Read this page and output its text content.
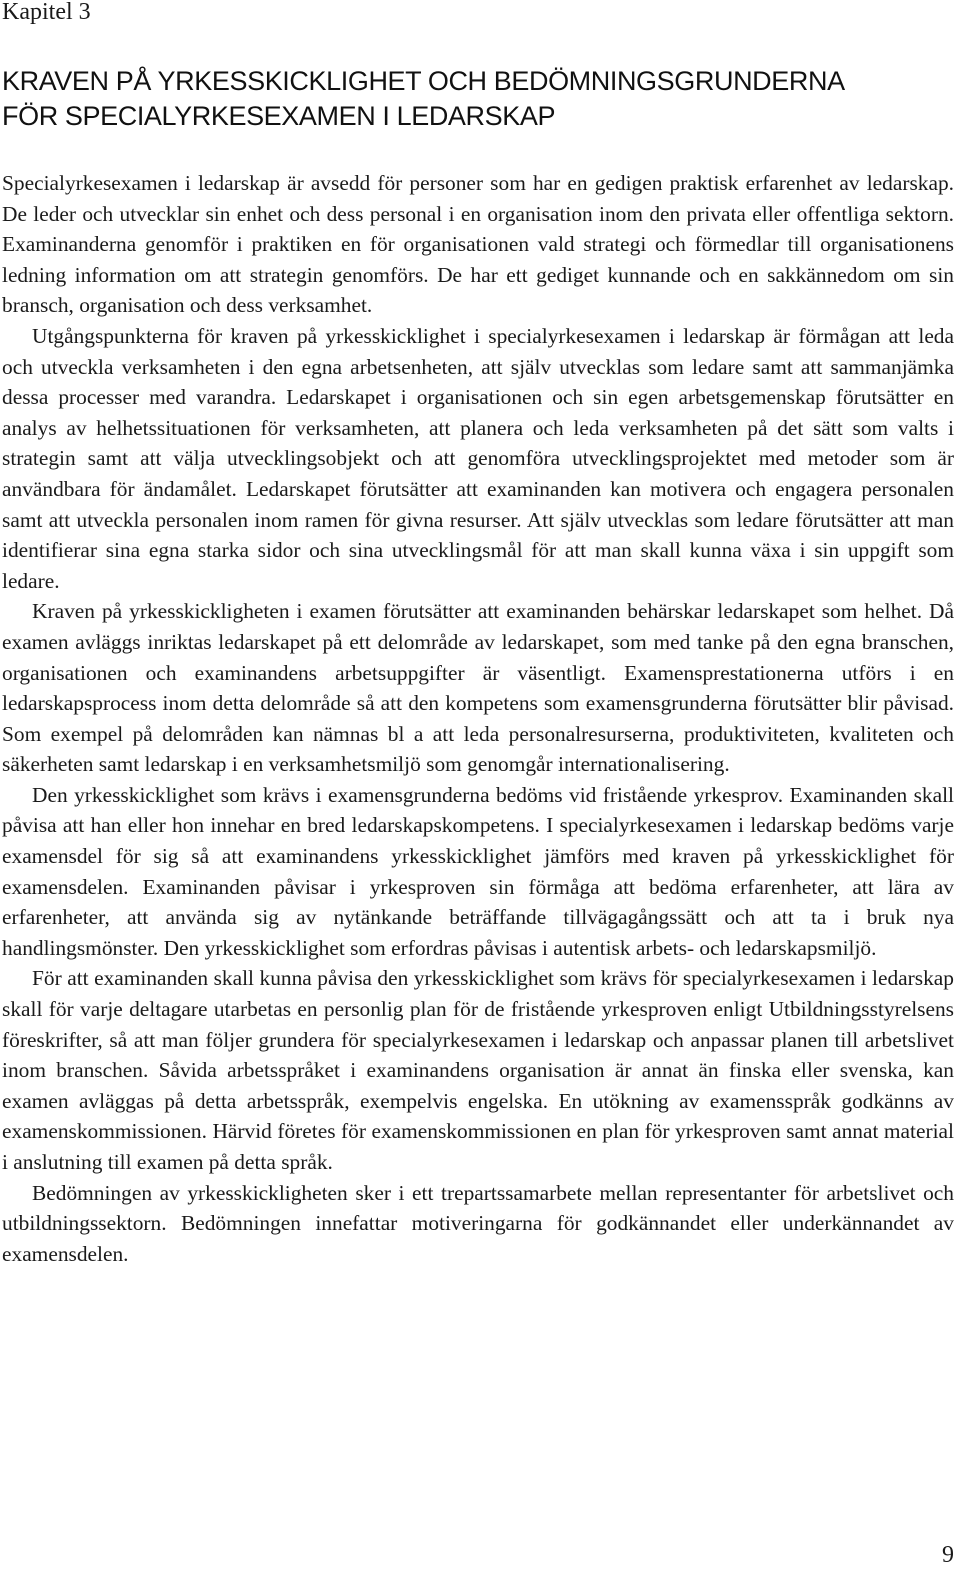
Kapitel 3

KRAVEN PÅ YRKESSKICKLIGHET OCH BEDÖMNINGSGRUNDERNA
FÖR SPECIALYRKESEXAMEN I LEDARSKAP

Specialyrkesexamen i ledarskap är avsedd för personer som har en gedigen praktisk erfarenhet av ledarskap. De leder och utvecklar sin enhet och dess personal i en organisation inom den privata eller offentliga sektorn. Examinanderna genomför i praktiken en för organisationen vald strategi och förmedlar till organisationens ledning information om att strategin genomförs. De har ett gediget kunnande och en sakkännedom om sin bransch, organisation och dess verksamhet.

Utgångspunkterna för kraven på yrkesskicklighet i specialyrkesexamen i ledarskap är förmågan att leda och utveckla verksamheten i den egna arbetsenheten, att själv utvecklas som ledare samt att sammanjämka dessa processer med varandra. Ledarskapet i organisationen och sin egen arbetsgemenskap förutsätter en analys av helhetssituationen för verksamheten, att planera och leda verksamheten på det sätt som valts i strategin samt att välja utvecklingsobjekt och att genomföra utvecklingsprojektet med metoder som är användbara för ändamålet. Ledarskapet förutsätter att examinanden kan motivera och engagera personalen samt att utveckla personalen inom ramen för givna resurser. Att själv utvecklas som ledare förutsätter att man identifierar sina egna starka sidor och sina utvecklingsmål för att man skall kunna växa i sin uppgift som ledare.

Kraven på yrkesskickligheten i examen förutsätter att examinanden behärskar ledarskapet som helhet. Då examen avläggs inriktas ledarskapet på ett delområde av ledarskapet, som med tanke på den egna branschen, organisationen och examinandens arbetsuppgifter är väsentligt. Examensprestationerna utförs i en ledarskapsprocess inom detta delområde så att den kompetens som examensgrunderna förutsätter blir påvisad. Som exempel på delområden kan nämnas bl a att leda personalresurserna, produktiviteten, kvaliteten och säkerheten samt ledarskap i en verksamhetsmiljö som genomgår internationalisering.

Den yrkesskicklighet som krävs i examensgrunderna bedöms vid fristående yrkesprov. Examinanden skall påvisa att han eller hon innehar en bred ledarskapskompetens. I specialyrkesexamen i ledarskap bedöms varje examensdel för sig så att examinandens yrkesskicklighet jämförs med kraven på yrkesskicklighet för examensdelen. Examinanden påvisar i yrkesproven sin förmåga att bedöma erfarenheter, att lära av erfarenheter, att använda sig av nytänkande beträffande tillvägagångssätt och att ta i bruk nya handlingsmönster. Den yrkesskicklighet som erfordras påvisas i autentisk arbets- och ledarskapsmiljö.

För att examinanden skall kunna påvisa den yrkesskicklighet som krävs för specialyrkesexamen i ledarskap skall för varje deltagare utarbetas en personlig plan för de fristående yrkesproven enligt Utbildningsstyrelsens föreskrifter, så att man följer grundera för specialyrkesexamen i ledarskap och anpassar planen till arbetslivet inom branschen. Såvida arbetsspråket i examinandens organisation är annat än finska eller svenska, kan examen avläggas på detta arbetsspråk, exempelvis engelska. En utökning av examensspråk godkänns av examenskommissionen. Härvid företes för examenskommissionen en plan för yrkesproven samt annat material i anslutning till examen på detta språk.

Bedömningen av yrkesskickligheten sker i ett trepartssamarbete mellan representanter för arbetslivet och utbildningssektorn. Bedömningen innefattar motiveringarna för godkännandet eller underkännandet av examensdelen.

9
